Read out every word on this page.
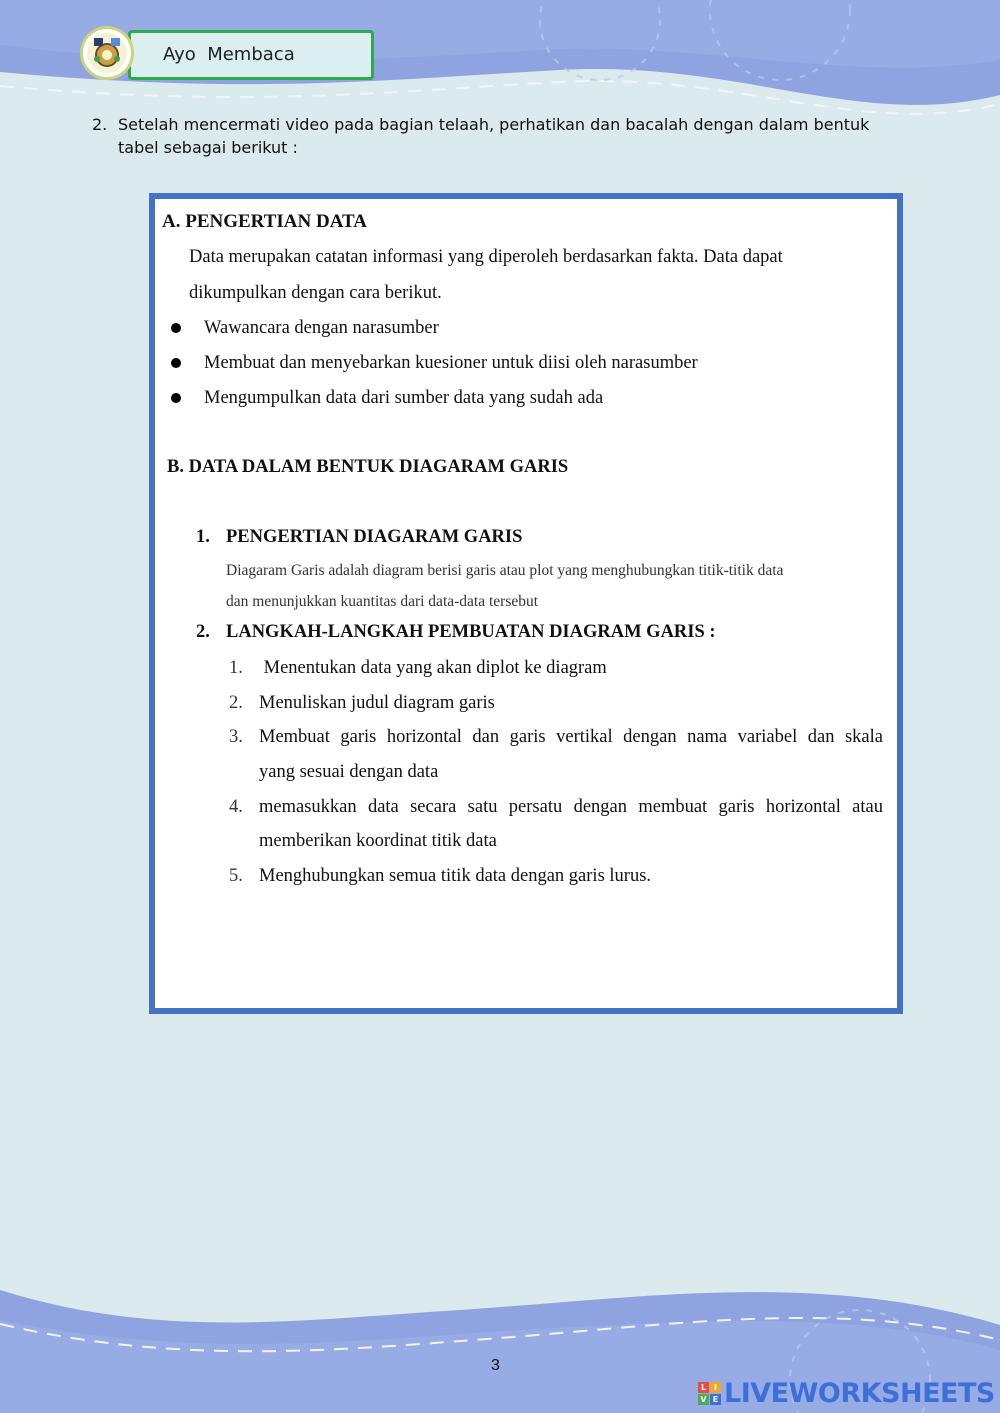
Ayo  Membaca
2. Setelah mencermati video pada bagian telaah, perhatikan dan bacalah dengan dalam bentuk tabel sebagai berikut :
A. PENGERTIAN DATA
Data merupakan catatan informasi yang diperoleh berdasarkan fakta. Data dapat
dikumpulkan dengan cara berikut.
Wawancara dengan narasumber
Membuat dan menyebarkan kuesioner untuk diisi oleh narasumber
Mengumpulkan data dari sumber data yang sudah ada
B. DATA DALAM BENTUK DIAGARAM GARIS
1. PENGERTIAN DIAGARAM GARIS
Diagaram Garis adalah diagram berisi garis atau plot yang menghubungkan titik-titik data
dan menunjukkan kuantitas dari data-data tersebut
2. LANGKAH-LANGKAH PEMBUATAN DIAGRAM GARIS :
1. Menentukan data yang akan diplot ke diagram
2. Menuliskan judul diagram garis
3. Membuat garis horizontal dan garis vertikal dengan nama variabel dan skala
yang sesuai dengan data
4. memasukkan data secara satu persatu dengan membuat garis horizontal atau
memberikan koordinat titik data
5. Menghubungkan semua titik data dengan garis lurus.
3
L I
V E LIVEWORKSHEETS
